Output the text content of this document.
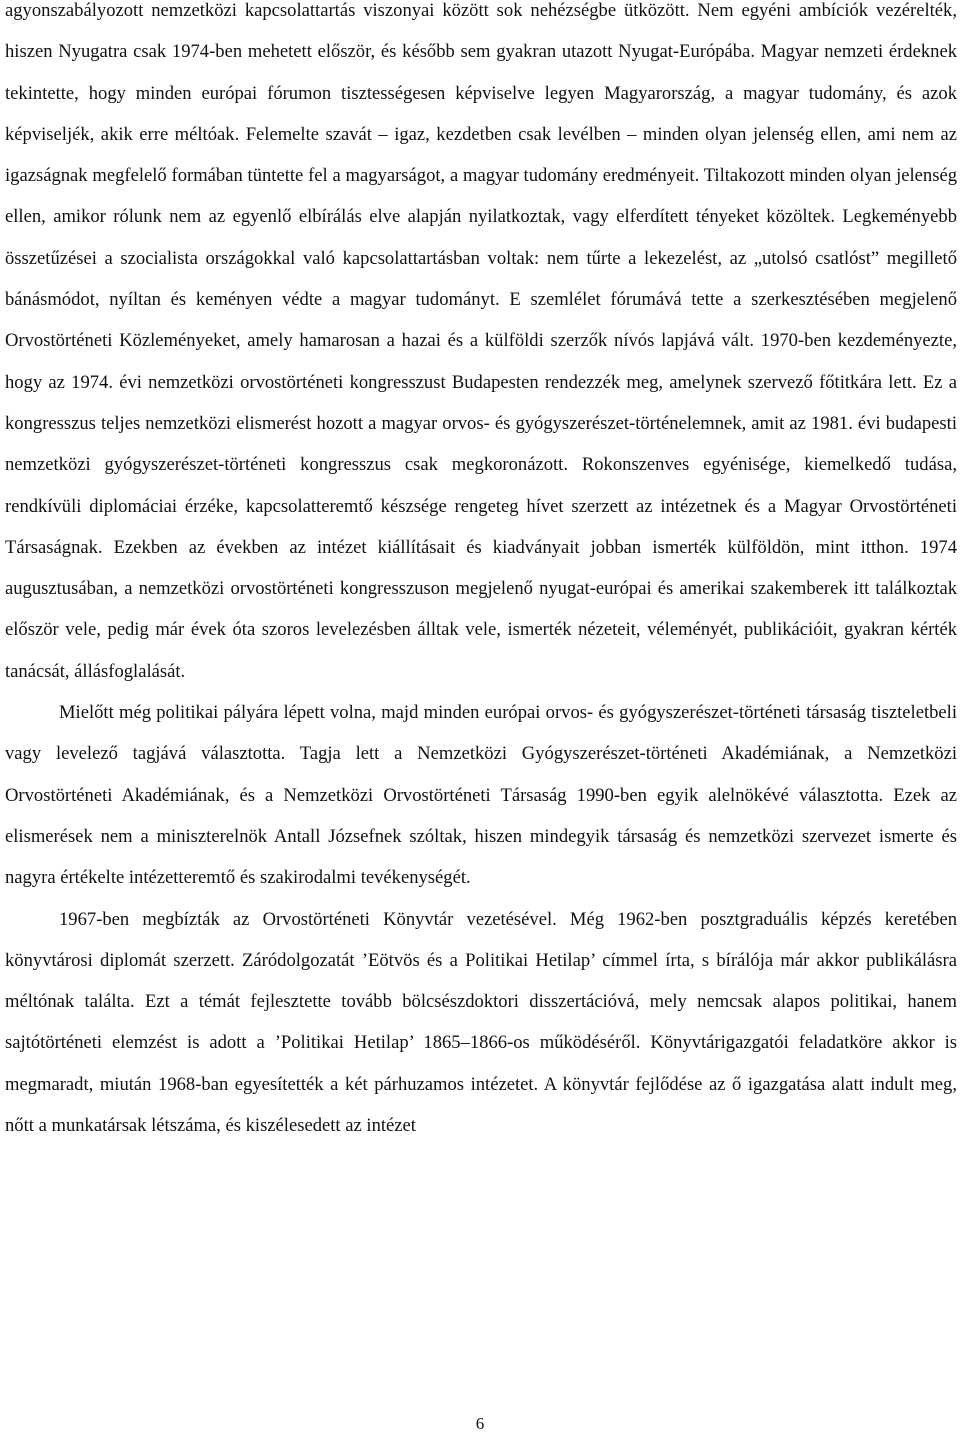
agyonszabályozott nemzetközi kapcsolattartás viszonyai között sok nehézségbe ütközött. Nem egyéni ambíciók vezérelték, hiszen Nyugatra csak 1974-ben mehetett először, és később sem gyakran utazott Nyugat-Európába. Magyar nemzeti érdeknek tekintette, hogy minden európai fórumon tisztességesen képviselve legyen Magyarország, a magyar tudomány, és azok képviseljék, akik erre méltóak. Felemelte szavát – igaz, kezdetben csak levélben – minden olyan jelenség ellen, ami nem az igazságnak megfelelő formában tüntette fel a magyarságot, a magyar tudomány eredményeit. Tiltakozott minden olyan jelenség ellen, amikor rólunk nem az egyenlő elbírálás elve alapján nyilatkoztak, vagy elferdített tényeket közöltek. Legkeményebb összetűzései a szocialista országokkal való kapcsolattartásban voltak: nem tűrte a lekezelést, az „utolsó csatlóst” megillető bánásmódot, nyíltan és keményen védte a magyar tudományt. E szemlélet fórumává tette a szerkesztésében megjelenő Orvostörténeti Közleményeket, amely hamarosan a hazai és a külföldi szerzők nívós lapjává vált. 1970-ben kezdeményezte, hogy az 1974. évi nemzetközi orvostörténeti kongresszust Budapesten rendezzék meg, amelynek szervező főtitkára lett. Ez a kongresszus teljes nemzetközi elismerést hozott a magyar orvos- és gyógyszerészet-történelemnek, amit az 1981. évi budapesti nemzetközi gyógyszerészet-történeti kongresszus csak megkoronázott. Rokonszenves egyénisége, kiemelkedő tudása, rendkívüli diplomáciai érzéke, kapcsolatteremtő készsége rengeteg hívet szerzett az intézetnek és a Magyar Orvostörténeti Társaságnak. Ezekben az években az intézet kiállításait és kiadványait jobban ismerték külföldön, mint itthon. 1974 augusztusában, a nemzetközi orvostörténeti kongresszuson megjelenő nyugat-európai és amerikai szakemberek itt találkoztak először vele, pedig már évek óta szoros levelezésben álltak vele, ismerték nézeteit, véleményét, publikációit, gyakran kérték tanácsát, állásfoglalását.

Mielőtt még politikai pályára lépett volna, majd minden európai orvos- és gyógyszerészet-történeti társaság tiszteletbeli vagy levelező tagjává választotta. Tagja lett a Nemzetközi Gyógyszerészet-történeti Akadémiának, a Nemzetközi Orvostörténeti Akadémiának, és a Nemzetközi Orvostörténeti Társaság 1990-ben egyik alelnökévé választotta. Ezek az elismerések nem a miniszterelnök Antall Józsefnek szóltak, hiszen mindegyik társaság és nemzetközi szervezet ismerte és nagyra értékelte intézetteremtő és szakirodalmi tevékenységét.

1967-ben megbízták az Orvostörténeti Könyvtár vezetésével. Még 1962-ben posztgraduális képzés keretében könyvtárosi diplomát szerzett. Záródolgozatát ’Eötvös és a Politikai Hetilap’ címmel írta, s bírálója már akkor publikálásra méltónak találta. Ezt a témát fejlesztette tovább bölcsészdoktori disszertációvá, mely nemcsak alapos politikai, hanem sajtótörténeti elemzést is adott a ’Politikai Hetilap’ 1865–1866-os működéséről. Könyvtárigazgatói feladatköre akkor is megmaradt, miután 1968-ban egyesítették a két párhuzamos intézetet. A könyvtár fejlődése az ő igazgatása alatt indult meg, nőtt a munkatársak létszáma, és kiszélesedett az intézet

6
